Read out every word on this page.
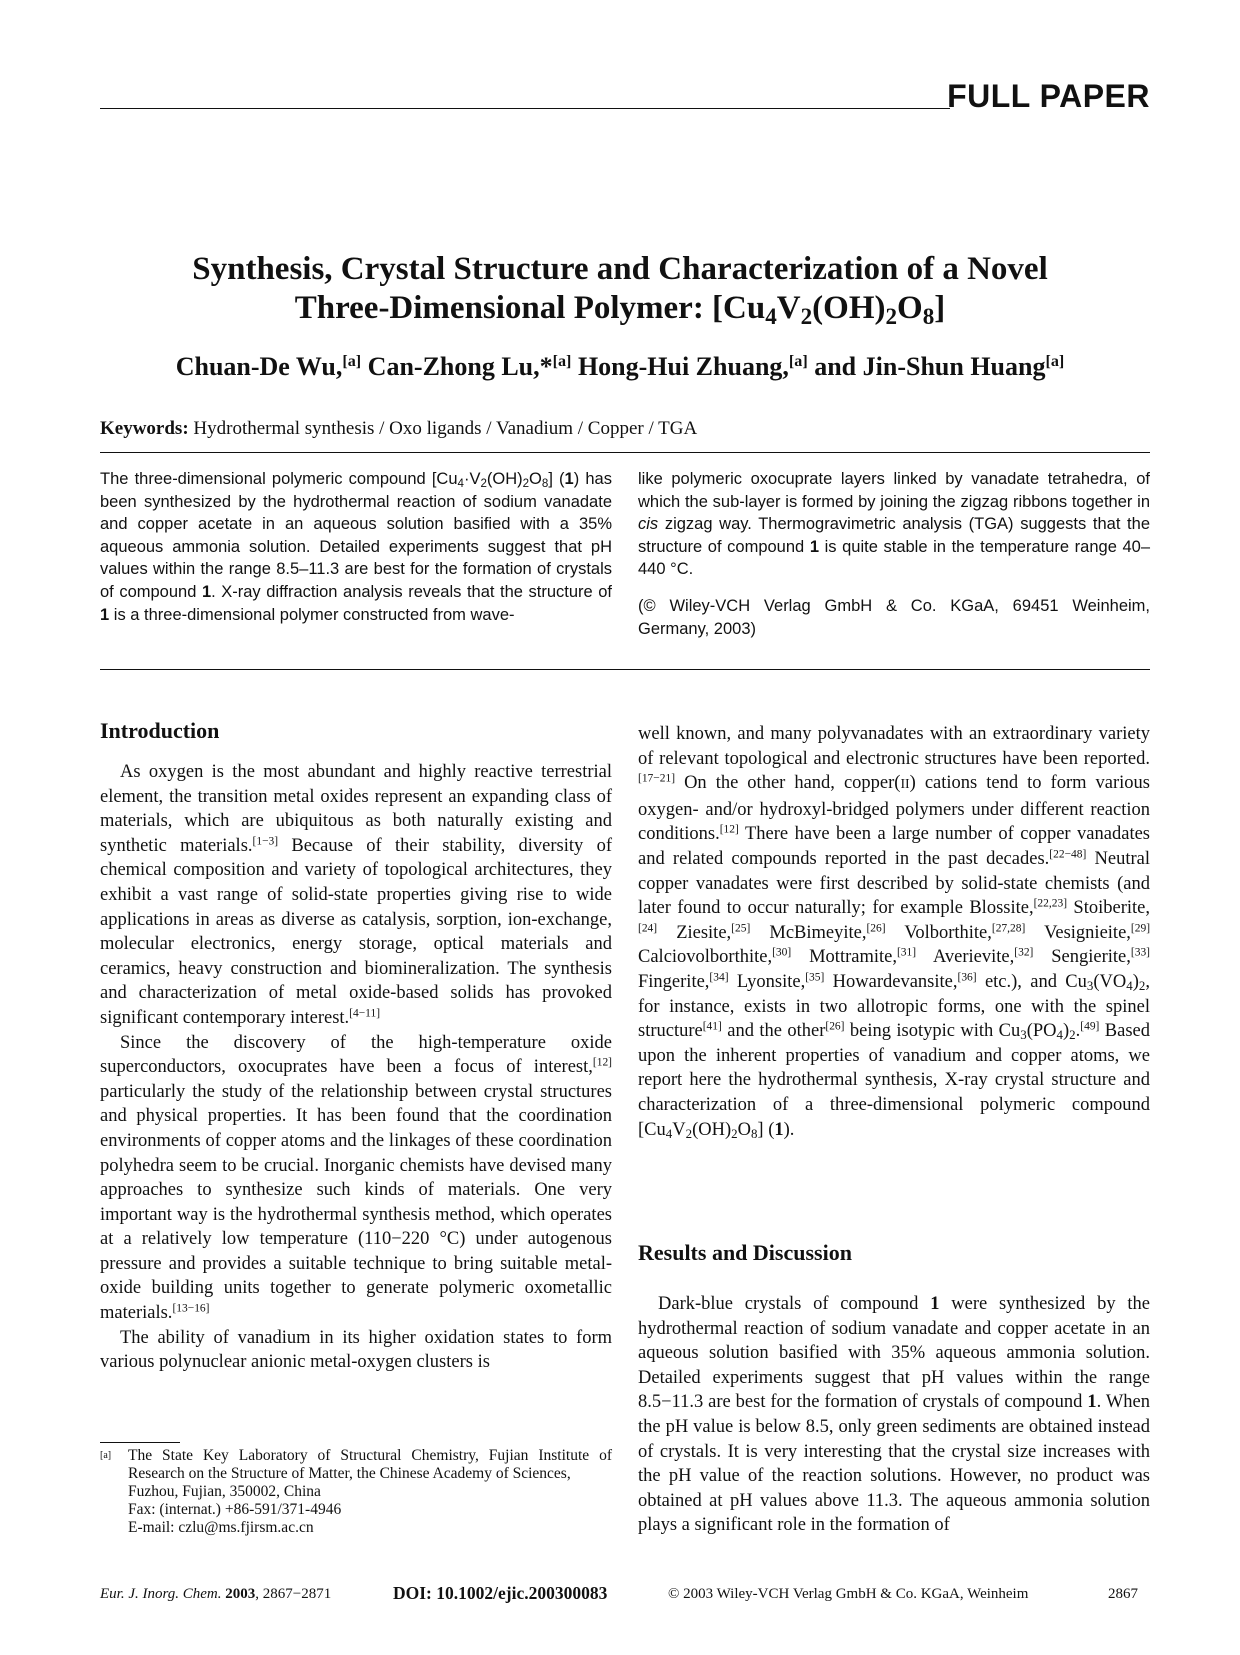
FULL PAPER
Synthesis, Crystal Structure and Characterization of a Novel
Three-Dimensional Polymer: $[Cu_4V_2(OH)_2O_8]$
Chuan-De Wu,[a] Can-Zhong Lu,*[a] Hong-Hui Zhuang,[a] and Jin-Shun Huang[a]
Keywords: Hydrothermal synthesis / Oxo ligands / Vanadium / Copper / TGA

The three-dimensional polymeric compound $[Cu_4\cdot V_2(OH)_2O_8]$ (1) has been synthesized by the hydrothermal reaction of sodium vanadate and copper acetate in an aqueous solution basified with a 35% aqueous ammonia solution. Detailed experiments suggest that pH values within the range 8.5–11.3 are best for the formation of crystals of compound 1. X-ray diffraction analysis reveals that the structure of 1 is a three-dimensional polymer constructed from wave-

like polymeric oxocuprate layers linked by vanadate tetrahedra, of which the sub-layer is formed by joining the zigzag ribbons together in cis zigzag way. Thermogravimetric analysis (TGA) suggests that the structure of compound 1 is quite stable in the temperature range 40–440 °C.

(© Wiley-VCH Verlag GmbH & Co. KGaA, 69451 Weinheim, Germany, 2003)

Introduction

As oxygen is the most abundant and highly reactive terrestrial element, the transition metal oxides represent an expanding class of materials, which are ubiquitous as both naturally existing and synthetic materials.[1−3] Because of their stability, diversity of chemical composition and variety of topological architectures, they exhibit a vast range of solid-state properties giving rise to wide applications in areas as diverse as catalysis, sorption, ion-exchange, molecular electronics, energy storage, optical materials and ceramics, heavy construction and biomineralization. The synthesis and characterization of metal oxide-based solids has provoked significant contemporary interest.[4−11]

Since the discovery of the high-temperature oxide superconductors, oxocuprates have been a focus of interest,[12] particularly the study of the relationship between crystal structures and physical properties. It has been found that the coordination environments of copper atoms and the linkages of these coordination polyhedra seem to be crucial. Inorganic chemists have devised many approaches to synthesize such kinds of materials. One very important way is the hydrothermal synthesis method, which operates at a relatively low temperature (110−220 °C) under autogenous pressure and provides a suitable technique to bring suitable metal-oxide building units together to generate polymeric oxometallic materials.[13−16]

The ability of vanadium in its higher oxidation states to form various polynuclear anionic metal-oxygen clusters is

well known, and many polyvanadates with an extraordinary variety of relevant topological and electronic structures have been reported.[17−21] On the other hand, copper(II) cations tend to form various oxygen- and/or hydroxyl-bridged polymers under different reaction conditions.[12] There have been a large number of copper vanadates and related compounds reported in the past decades.[22−48] Neutral copper vanadates were first described by solid-state chemists (and later found to occur naturally; for example Blossite,[22,23] Stoiberite,[24] Ziesite,[25] McBimeyite,[26] Volborthite,[27,28] Vesignieite,[29] Calciovolborthite,[30] Mottramite,[31] Averievite,[32] Sengierite,[33] Fingerite,[34] Lyonsite,[35] Howardevansite,[36] etc.), and $Cu_3(VO_4)_2$, for instance, exists in two allotropic forms, one with the spinel structure[41] and the other[26] being isotypic with $Cu_3(PO_4)_2.[49]$ Based upon the inherent properties of vanadium and copper atoms, we report here the hydrothermal synthesis, X-ray crystal structure and characterization of a three-dimensional polymeric compound $[Cu_4V_2(OH)_2O_8]$ (1).

Results and Discussion

Dark-blue crystals of compound 1 were synthesized by the hydrothermal reaction of sodium vanadate and copper acetate in an aqueous solution basified with 35% aqueous ammonia solution. Detailed experiments suggest that pH values within the range 8.5−11.3 are best for the formation of crystals of compound 1. When the pH value is below 8.5, only green sediments are obtained instead of crystals. It is very interesting that the crystal size increases with the pH value of the reaction solutions. However, no product was obtained at pH values above 11.3. The aqueous ammonia solution plays a significant role in the formation of

[a] The State Key Laboratory of Structural Chemistry, Fujian Institute of Research on the Structure of Matter, the Chinese Academy of Sciences,
Fuzhou, Fujian, 350002, China
Fax: (internat.) +86-591/371-4946
E-mail: czlu@ms.fjirsm.ac.cn
Eur. J. Inorg. Chem. 2003, 2867−2871	DOI: 10.1002/ejic.200300083	© 2003 Wiley-VCH Verlag GmbH & Co. KGaA, Weinheim	2867
